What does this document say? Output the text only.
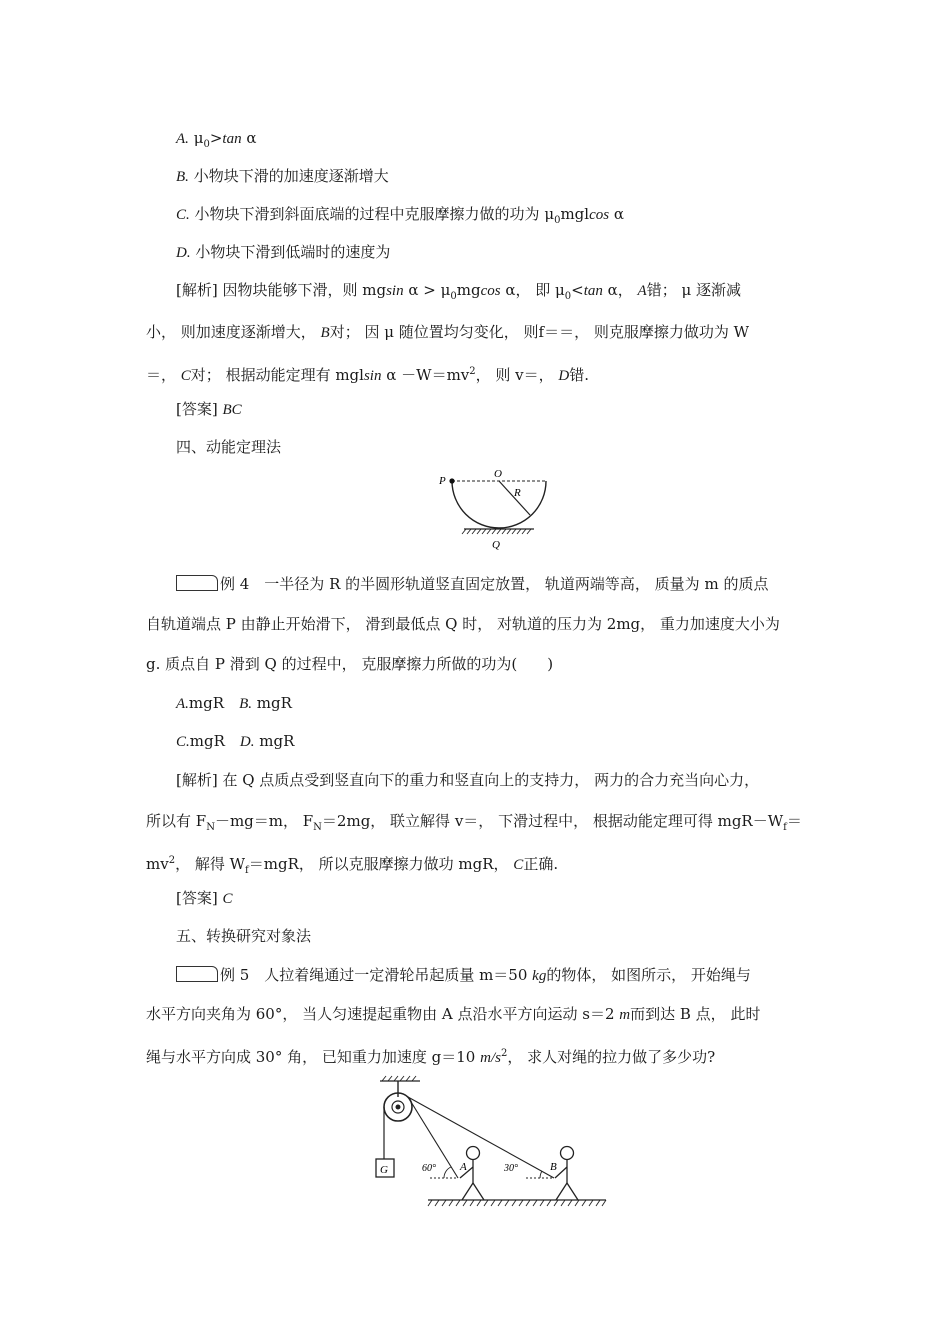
A. $\mu_0>\tan$ α
B. 小物块下滑的加速度逐渐增大
C. 小物块下滑到斜面底端的过程中克服摩擦力做的功为 $\mu_0mglcos$ α
D. 小物块下滑到低端时的速度为
[解析] 因物块能够下滑，则 mgsin $\alpha > \mu_0mgcos$ α， 即 $\mu_0<\tan$ α， A错； μ 逐渐减
小， 则加速度逐渐增大， B对； 因 μ 随位置均匀变化， 则f＝＝， 则克服摩擦力做功为 W
＝， C对； 根据动能定理有 mglsin $\alpha -W=mv^2$， 则 v＝， D错.
[答案] BC
四、动能定理法
P
O
R
Q
例 4　一半径为 R 的半圆形轨道竖直固定放置， 轨道两端等高， 质量为 m 的质点
自轨道端点 P 由静止开始滑下， 滑到最低点 Q 时， 对轨道的压力为 2mg， 重力加速度大小为
g. 质点自 P 滑到 Q 的过程中， 克服摩擦力所做的功为(　　)
A.mgR　 B. mgR
C.mgR　 D. mgR
[解析] 在 Q 点质点受到竖直向下的重力和竖直向上的支持力， 两力的合力充当向心力，
所以有 $F_N-mg=m$， $F_N=2mg$， 联立解得 v＝， 下滑过程中， 根据动能定理可得 $mgR-W_f=$
$mv^2$， 解得 $W_f=mgR$， 所以克服摩擦力做功 mgR， C正确.
[答案] C
五、转换研究对象法
例 5　人拉着绳通过一定滑轮吊起质量 m＝50 kg的物体， 如图所示， 开始绳与
水平方向夹角为 60°， 当人匀速提起重物由 A 点沿水平方向运动 s＝2 m而到达 B 点， 此时
绳与水平方向成 30° 角， 已知重力加速度 g＝10 $m/s^2$， 求人对绳的拉力做了多少功?
G	60°	30°
A	B
